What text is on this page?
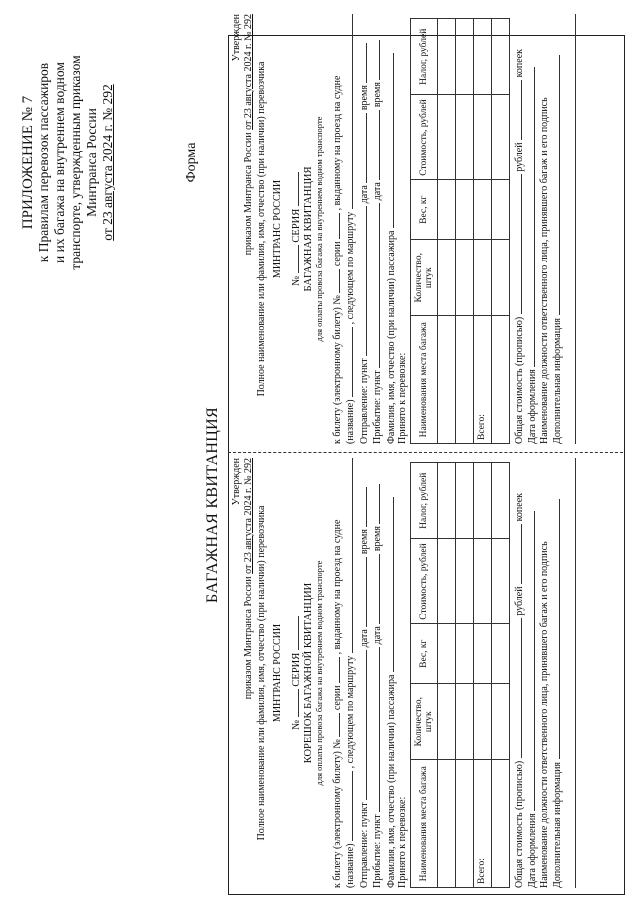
ПРИЛОЖЕНИЕ № 7 к Правилам перевозок пассажиров и их багажа на внутреннем водном транспорте, утвержденным приказом Минтранса России от 23 августа 2024 г. № 292	Форма
БАГАЖНАЯ КВИТАНЦИЯ Утвержден
приказом Минтранса России от 23 августа 2024 г. № 292 Полное наименование или фамилия, имя, отчество (при наличии) перевозчика МИНТРАНС РОССИИ
№  СЕРИЯ КОРЕШОК БАГАЖНОЙ КВИТАНЦИИ для оплаты провоза багажа на внутреннем водном транспорте
к билету (электронному билету) №  серии  , выданному на проезд на судне
(название)  , следующем по маршруту
Отправление: пункт  дата  время
Прибытие: пункт  дата  время
Фамилия, имя, отчество (при наличии) пассажира Принято к перевозке: Наименования места багажа	Количество, штук	Вес, кг	Стоимость, рублей	Налог, рублей

Всего:				
					Общая стоимость (прописью)  рублей  копеек
Дата оформления Наименование должности ответственного лица, принявшего багаж и его подпись Дополнительная информация
Утвержден
приказом Минтранса России от 23 августа 2024 г. № 292 Полное наименование или фамилия, имя, отчество (при наличии) перевозчика МИНТРАНС РОССИИ
№  СЕРИЯ БАГАЖНАЯ КВИТАНЦИЯ для оплаты провоза багажа на внутреннем водном транспорте
к билету (электронному билету) №  серии  , выданному на проезд на судне
(название)  , следующем по маршруту
Отправление: пункт  дата  время
Прибытие: пункт  дата  время
Фамилия, имя, отчество (при наличии) пассажира Принято к перевозке: Наименования места багажа	Количество, штук	Вес, кг	Стоимость, рублей	Налог, рублей

Всего:				
					Общая стоимость (прописью)  рублей  копеек
Дата оформления Наименование должности ответственного лица, принявшего багаж и его подпись Дополнительная информация
